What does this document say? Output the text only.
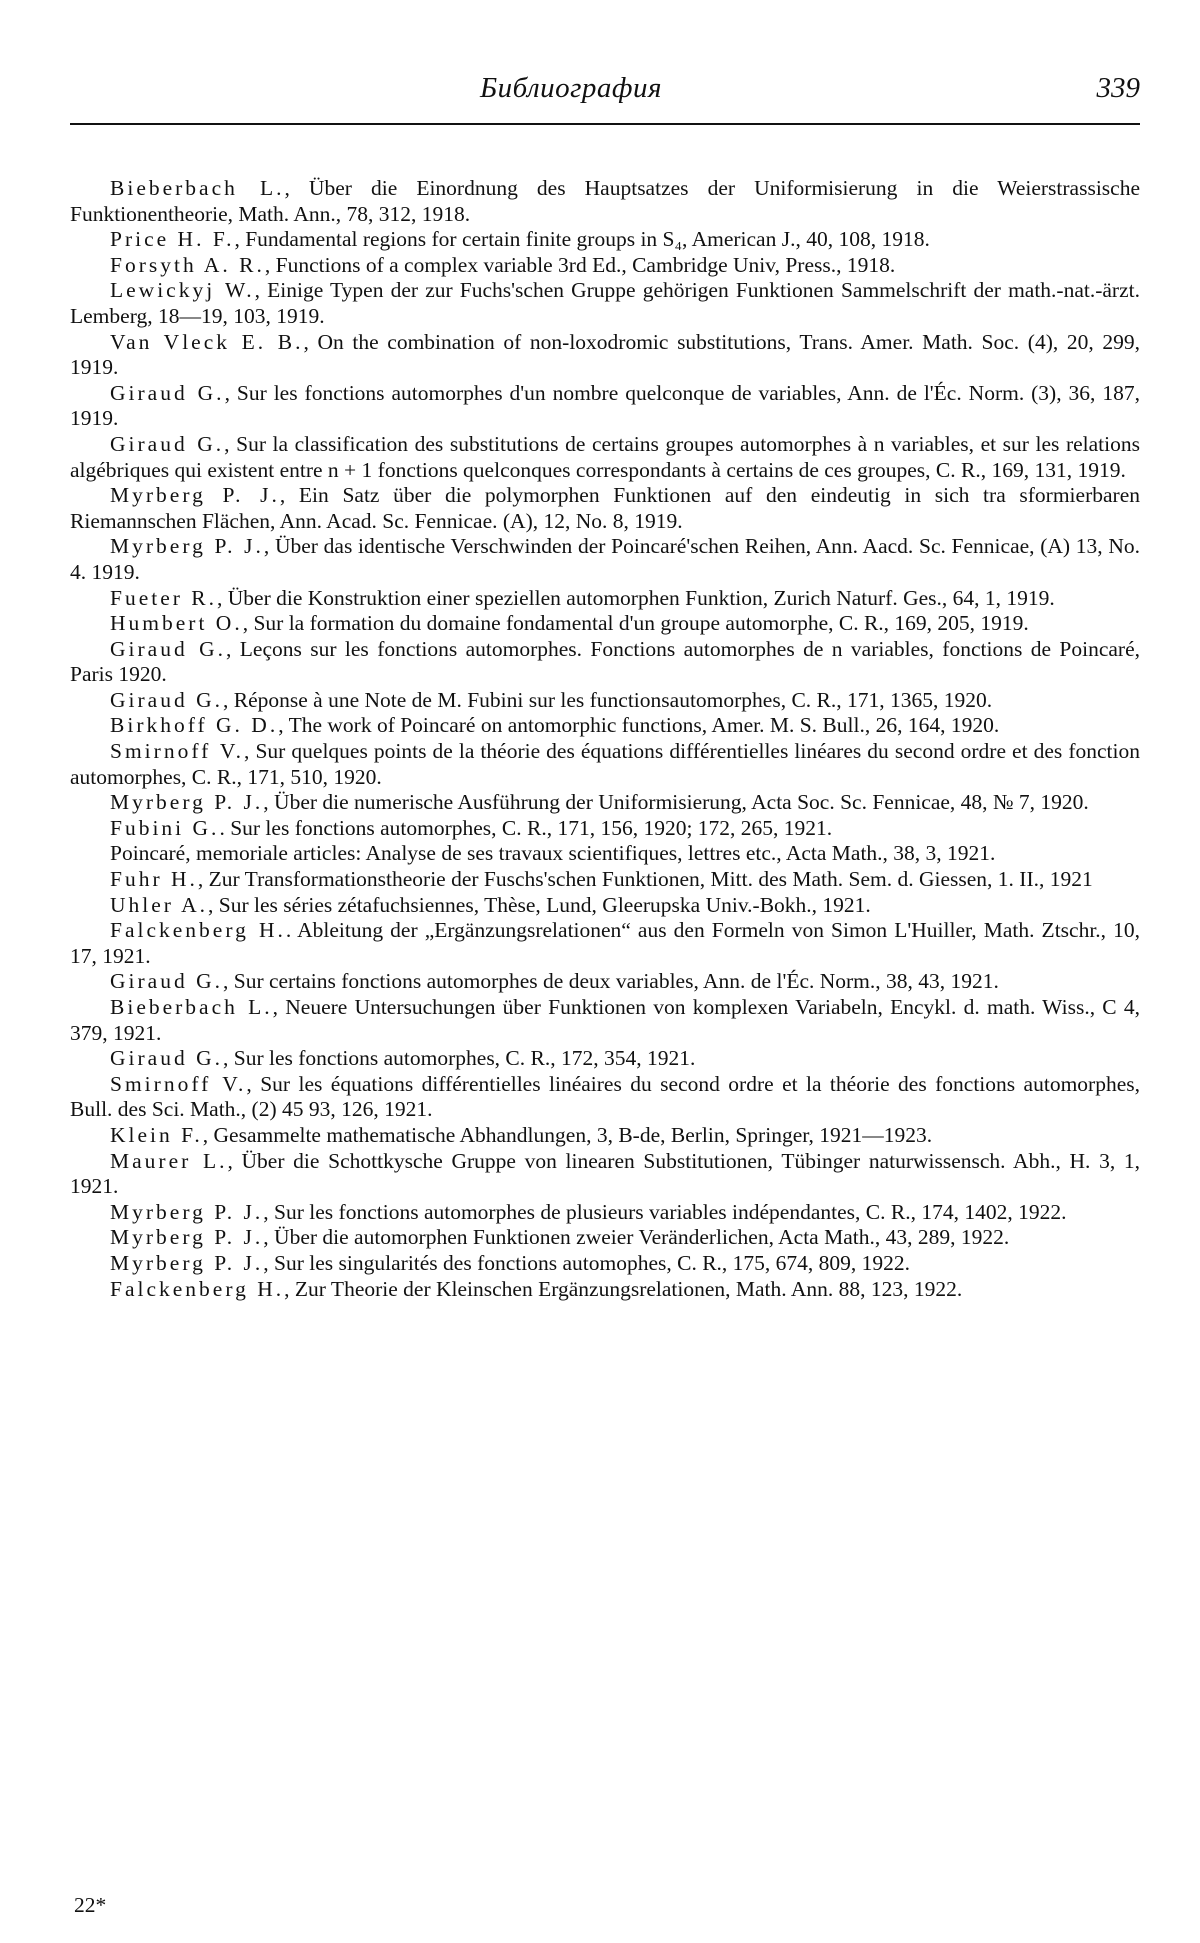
Библиография	339

Bieberbach L., Über die Einordnung des Hauptsatzes der Uniformisierung in die Weierstrassische Funktionentheorie, Math. Ann., 78, 312, 1918.

Price H. F., Fundamental regions for certain finite groups in S₄, American J., 40, 108, 1918.

Forsyth A. R., Functions of a complex variable 3rd Ed., Cambridge Univ, Press., 1918.

Lewickyj W., Einige Typen der zur Fuchs'schen Gruppe gehörigen Funktionen Sammelschrift der math.-nat.-ärzt. Lemberg, 18—19, 103, 1919.

Van Vleck E. B., On the combination of non-loxodromic substitutions, Trans. Amer. Math. Soc. (4), 20, 299, 1919.

Giraud G., Sur les fonctions automorphes d'un nombre quelconque de variables, Ann. de l'Éc. Norm. (3), 36, 187, 1919.

Giraud G., Sur la classification des substitutions de certains groupes automorphes à n variables, et sur les relations algébriques qui existent entre n + 1 fonctions quelconques correspondants à certains de ces groupes, C. R., 169, 131, 1919.

Myrberg P. J., Ein Satz über die polymorphen Funktionen auf den eindeutig in sich tra sformierbaren Riemannschen Flächen, Ann. Acad. Sc. Fennicae. (A), 12, No. 8, 1919.

Myrberg P. J., Über das identische Verschwinden der Poincaré'schen Reihen, Ann. Aacd. Sc. Fennicae, (A) 13, No. 4. 1919.

Fueter R., Über die Konstruktion einer speziellen automorphen Funktion, Zurich Naturf. Ges., 64, 1, 1919.

Humbert O., Sur la formation du domaine fondamental d'un groupe automorphe, C. R., 169, 205, 1919.

Giraud G., Leçons sur les fonctions automorphes. Fonctions automorphes de n variables, fonctions de Poincaré, Paris 1920.

Giraud G., Réponse à une Note de M. Fubini sur les functionsautomorphes, C. R., 171, 1365, 1920.

Birkhoff G. D., The work of Poincaré on antomorphic functions, Amer. M. S. Bull., 26, 164, 1920.

Smirnoff V., Sur quelques points de la théorie des équations différentielles linéares du second ordre et des fonction automorphes, C. R., 171, 510, 1920.

Myrberg P. J., Über die numerische Ausführung der Uniformisierung, Acta Soc. Sc. Fennicae, 48, № 7, 1920.

Fubini G.. Sur les fonctions automorphes, C. R., 171, 156, 1920; 172, 265, 1921.

Poincaré, memoriale articles: Analyse de ses travaux scientifiques, lettres etc., Acta Math., 38, 3, 1921.

Fuhr H., Zur Transformationstheorie der Fuschs'schen Funktionen, Mitt. des Math. Sem. d. Giessen, 1. II., 1921

Uhler A., Sur les séries zétafuchsiennes, Thèse, Lund, Gleerupska Univ.-Bokh., 1921.

Falckenberg H.. Ableitung der „Ergänzungsrelationen“ aus den Formeln von Simon L'Huiller, Math. Ztschr., 10, 17, 1921.

Giraud G., Sur certains fonctions automorphes de deux variables, Ann. de l'Éc. Norm., 38, 43, 1921.

Bieberbach L., Neuere Untersuchungen über Funktionen von komplexen Variabeln, Encykl. d. math. Wiss., C 4, 379, 1921.

Giraud G., Sur les fonctions automorphes, C. R., 172, 354, 1921.

Smirnoff V., Sur les équations différentielles linéaires du second ordre et la théorie des fonctions automorphes, Bull. des Sci. Math., (2) 45 93, 126, 1921.

Klein F., Gesammelte mathematische Abhandlungen, 3, B-de, Berlin, Springer, 1921—1923.

Maurer L., Über die Schottkysche Gruppe von linearen Substitutionen, Tübinger naturwissensch. Abh., H. 3, 1, 1921.

Myrberg P. J., Sur les fonctions automorphes de plusieurs variables indépendantes, C. R., 174, 1402, 1922.

Myrberg P. J., Über die automorphen Funktionen zweier Veränderlichen, Acta Math., 43, 289, 1922.

Myrberg P. J., Sur les singularités des fonctions automophes, C. R., 175, 674, 809, 1922.

Falckenberg H., Zur Theorie der Kleinschen Ergänzungsrelationen, Math. Ann. 88, 123, 1922.

22*
